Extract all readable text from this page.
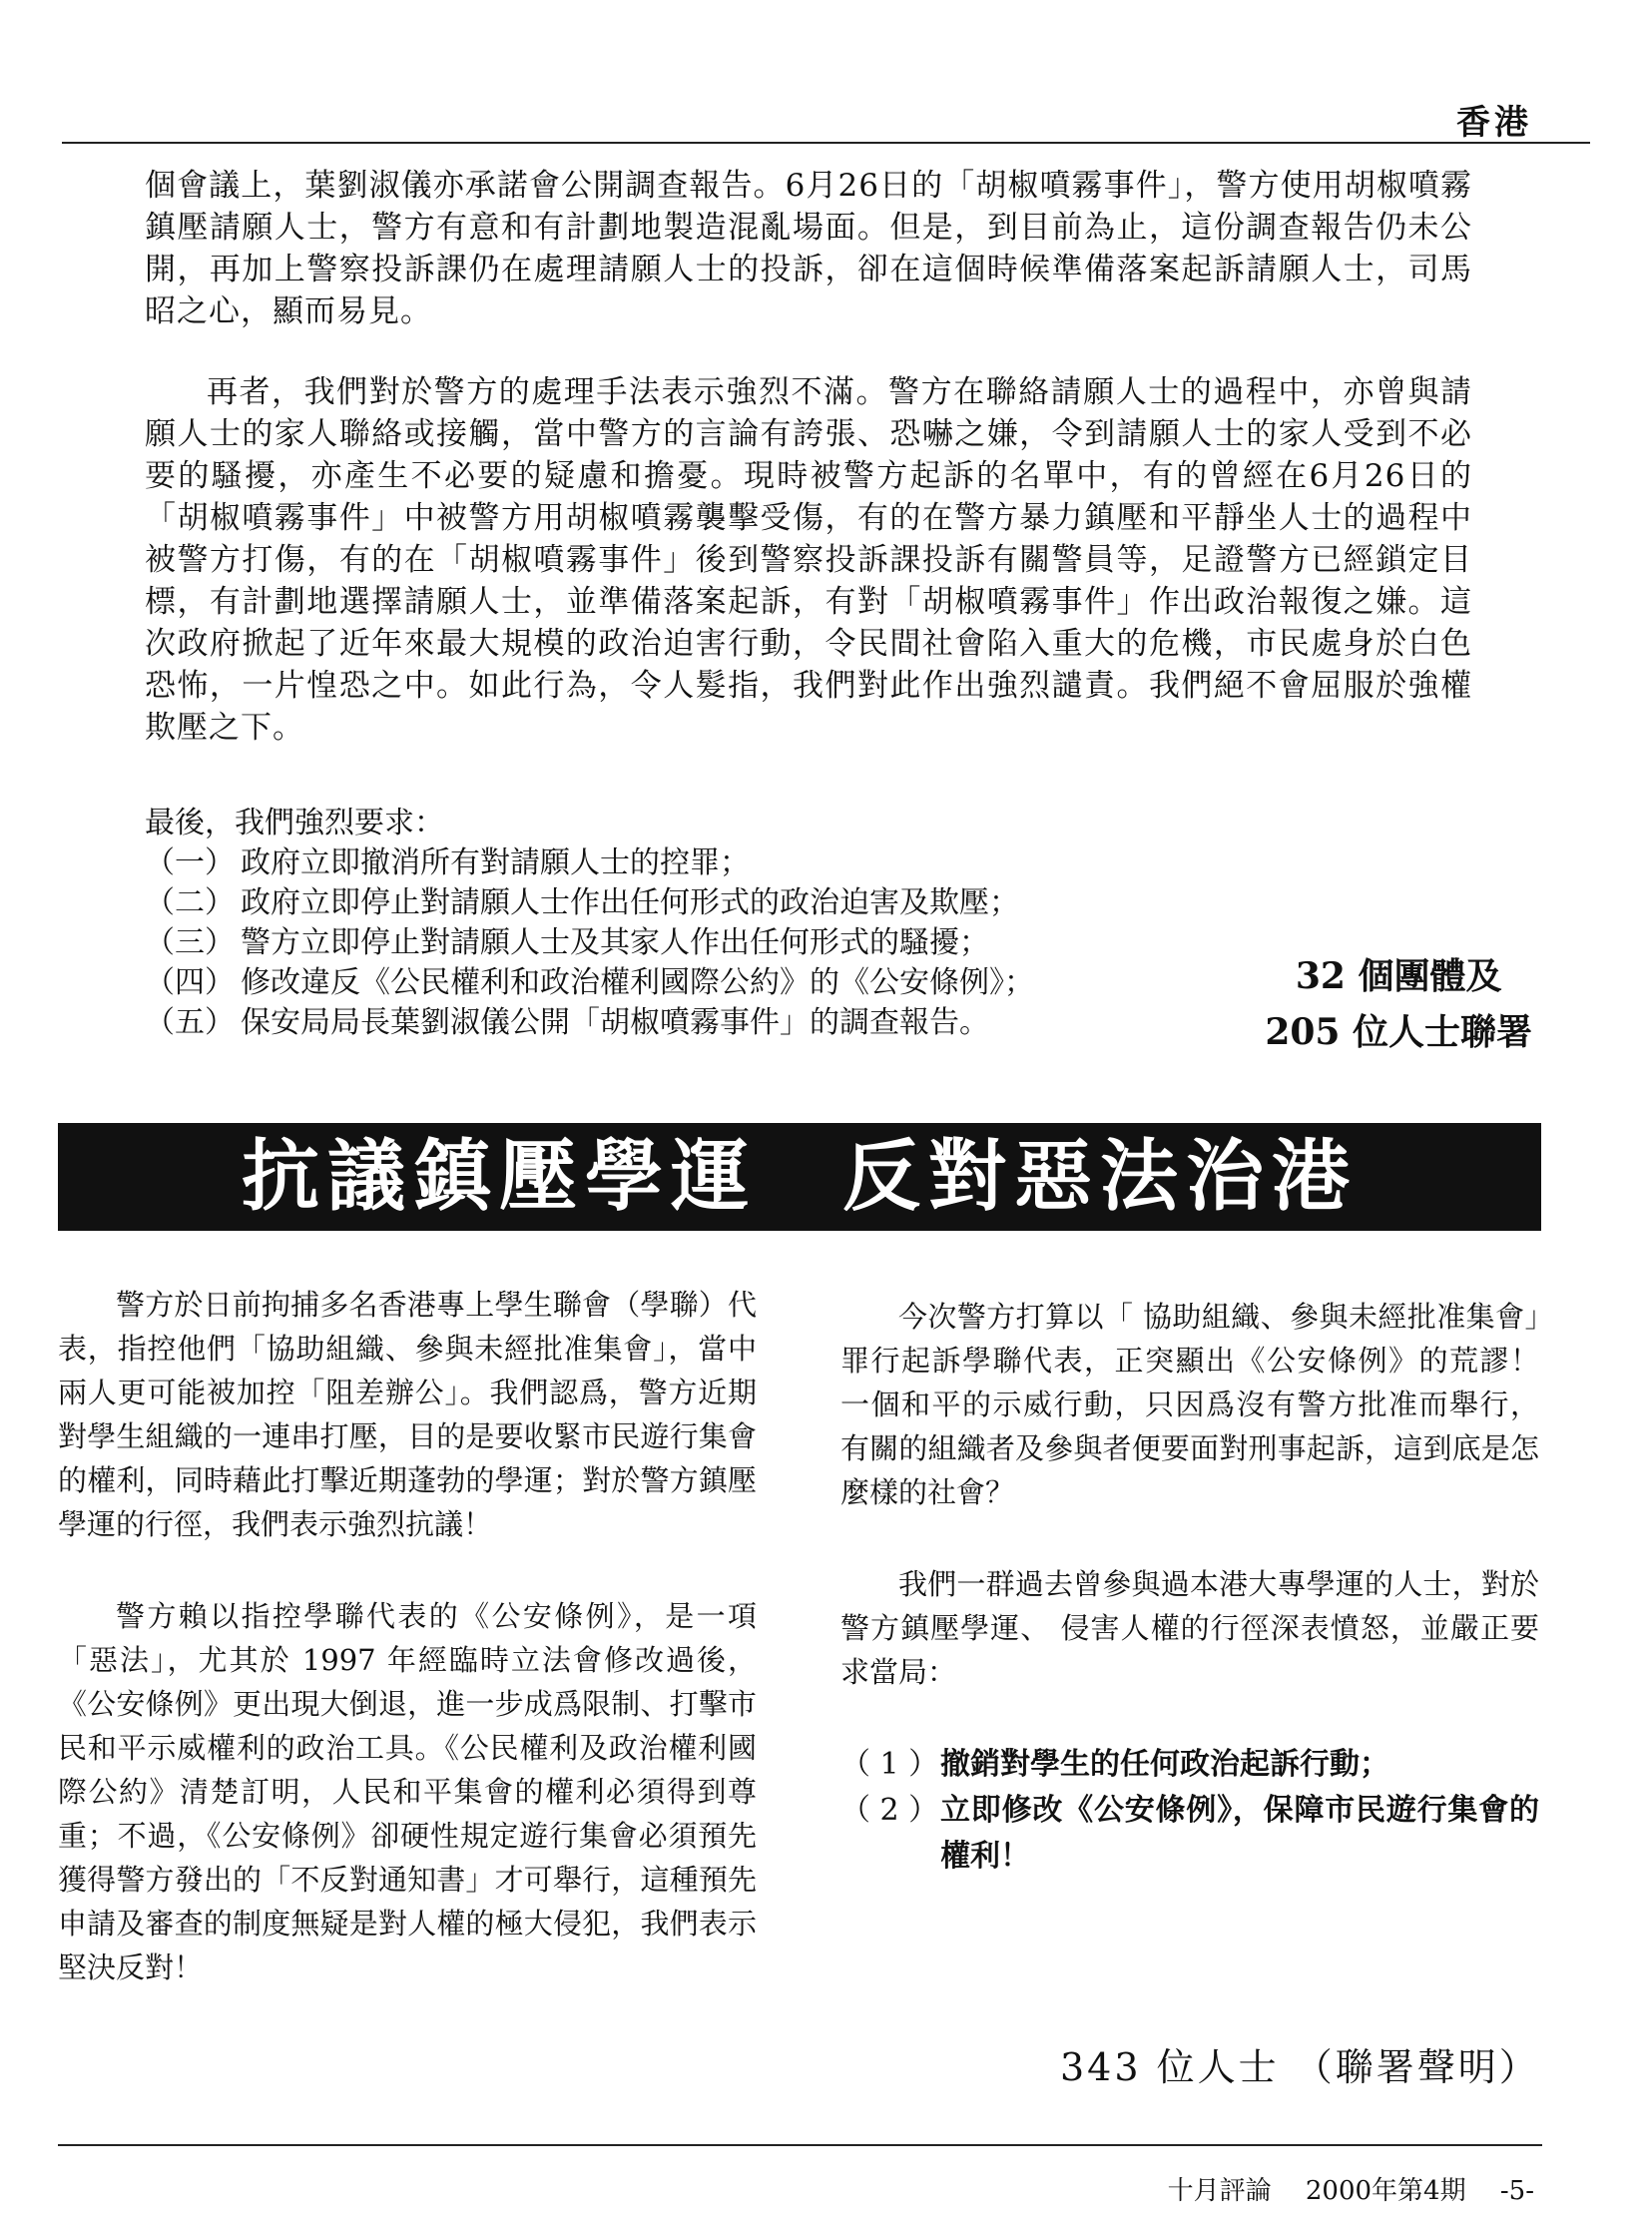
香港
個會議上，葉劉淑儀亦承諾會公開調查報告。6月26日的「胡椒噴霧事件」，警方使用胡椒噴霧鎮壓請願人士，警方有意和有計劃地製造混亂場面。但是，到目前為止，這份調查報告仍未公開，再加上警察投訴課仍在處理請願人士的投訴，卻在這個時候準備落案起訴請願人士，司馬昭之心，顯而易見。
再者，我們對於警方的處理手法表示強烈不滿。警方在聯絡請願人士的過程中，亦曾與請願人士的家人聯絡或接觸，當中警方的言論有誇張、恐嚇之嫌，令到請願人士的家人受到不必要的騷擾，亦產生不必要的疑慮和擔憂。現時被警方起訴的名單中，有的曾經在6月26日的「胡椒噴霧事件」中被警方用胡椒噴霧襲擊受傷，有的在警方暴力鎮壓和平靜坐人士的過程中被警方打傷，有的在「胡椒噴霧事件」後到警察投訴課投訴有關警員等，足證警方已經鎖定目標，有計劃地選擇請願人士，並準備落案起訴，有對「胡椒噴霧事件」作出政治報復之嫌。這次政府掀起了近年來最大規模的政治迫害行動，令民間社會陷入重大的危機，市民處身於白色恐怖，一片惶恐之中。如此行為，令人髮指，我們對此作出強烈譴責。我們絕不會屈服於強權欺壓之下。
最後，我們強烈要求：
（一） 政府立即撤消所有對請願人士的控罪；
（二） 政府立即停止對請願人士作出任何形式的政治迫害及欺壓；
（三） 警方立即停止對請願人士及其家人作出任何形式的騷擾；
（四） 修改違反《公民權利和政治權利國際公約》的《公安條例》；
（五） 保安局局長葉劉淑儀公開「胡椒噴霧事件」的調查報告。
32 個團體及
205 位人士聯署
抗議鎮壓學運　反對惡法治港

警方於日前拘捕多名香港專上學生聯會（學聯）代表，指控他們「協助組織、參與未經批准集會」，當中兩人更可能被加控「阻差辦公」。我們認爲，警方近期對學生組織的一連串打壓，目的是要收緊市民遊行集會的權利，同時藉此打擊近期蓬勃的學運；對於警方鎮壓學運的行徑，我們表示強烈抗議！

警方賴以指控學聯代表的《公安條例》，是一項「惡法」，尤其於 1997 年經臨時立法會修改過後，《公安條例》更出現大倒退，進一步成爲限制、打擊市民和平示威權利的政治工具。《公民權利及政治權利國際公約》清楚訂明，人民和平集會的權利必須得到尊重；不過，《公安條例》卻硬性規定遊行集會必須預先獲得警方發出的「不反對通知書」才可舉行，這種預先申請及審查的制度無疑是對人權的極大侵犯，我們表示堅決反對！

今次警方打算以「 協助組織、參與未經批准集會」罪行起訴學聯代表，正突顯出《公安條例》的荒謬！ 一個和平的示威行動，只因爲沒有警方批准而舉行， 有關的組織者及參與者便要面對刑事起訴，這到底是怎麼樣的社會？

我們一群過去曾參與過本港大專學運的人士，對於警方鎮壓學運、 侵害人權的行徑深表憤怒，並嚴正要求當局：

（ 1 ） 撤銷對學生的任何政治起訴行動；
（ 2 ） 立即修改《公安條例》，保障市民遊行集會的權利！
343 位人士 （聯署聲明）
十月評論 2000年第4期 -5-
